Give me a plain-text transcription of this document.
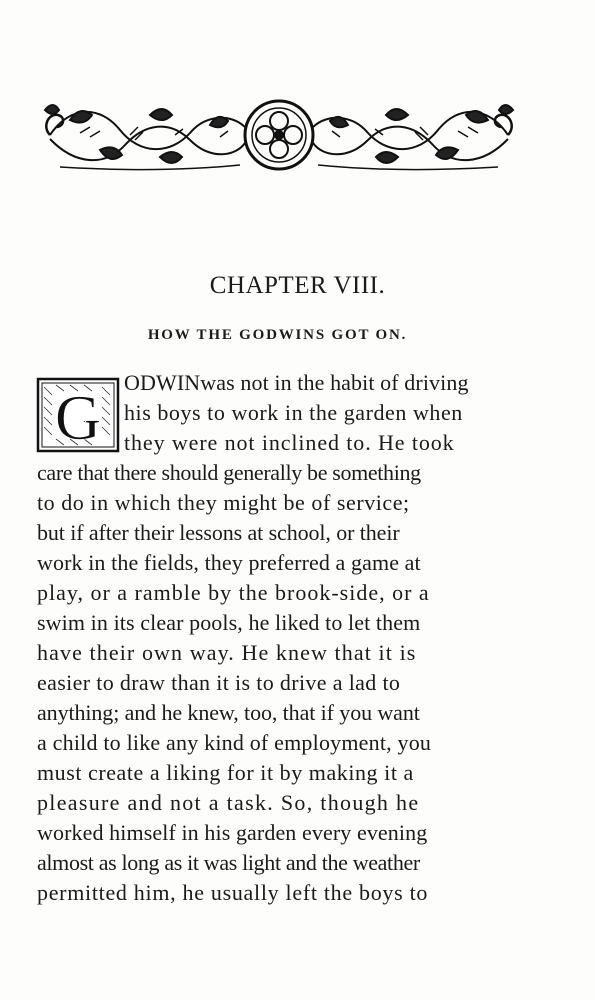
CHAPTER VIII.
HOW THE GODWINS GOT ON.
G ODWIN was not in the habit of driving
his boys to work in the garden when
they were not inclined to. He took
care that there should generally be something
to do in which they might be of service;
but if after their lessons at school, or their
work in the fields, they preferred a game at
play, or a ramble by the brook-side, or a
swim in its clear pools, he liked to let them
have their own way. He knew that it is
easier to draw than it is to drive a lad to
anything; and he knew, too, that if you want
a child to like any kind of employment, you
must create a liking for it by making it a
pleasure and not a task. So, though he
worked himself in his garden every evening
almost as long as it was light and the weather
permitted him, he usually left the boys to
